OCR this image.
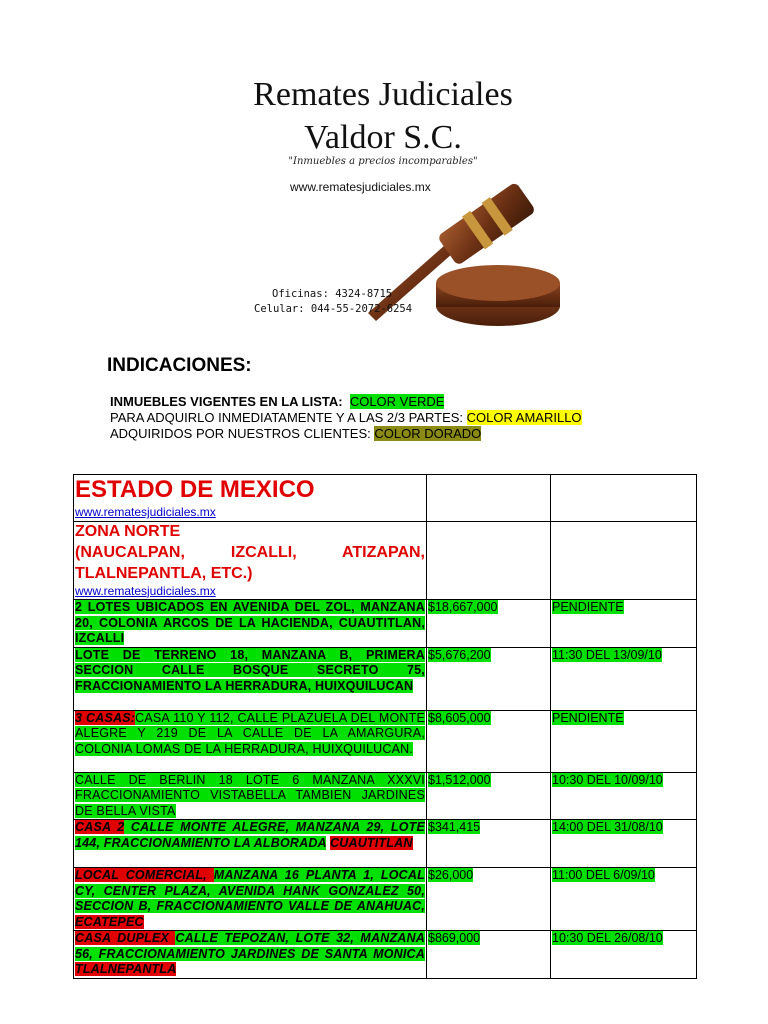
Remates Judiciales
Valdor S.C.
"Inmuebles a precios incomparables"
www.rematesjudiciales.mx
Oficinas: 4324-8715
Celular: 044-55-2072-6254
INDICACIONES:
INMUEBLES VIGENTES EN LA LISTA: COLOR VERDE
PARA ADQUIRLO INMEDIATAMENTE Y A LAS 2/3 PARTES: COLOR AMARILLO
ADQUIRIDOS POR NUESTROS CLIENTES: COLOR DORADO
ESTADO DE MEXICO
www.rematesjudiciales.mx		

ZONA NORTE
(NAUCALPAN, IZCALLI, ATIZAPAN, TLALNEPANTLA, ETC.)
www.rematesjudiciales.mx		

2 LOTES UBICADOS EN AVENIDA DEL ZOL, MANZANA 20, COLONIA ARCOS DE LA HACIENDA, CUAUTITLAN, IZCALLI	$18,667,000	PENDIENTE
LOTE DE TERRENO 18, MANZANA B, PRIMERA SECCION CALLE BOSQUE SECRETO 75, FRACCIONAMIENTO LA HERRADURA, HUIXQUILUCAN	$5,676,200	11:30 DEL 13/09/10
3 CASAS:CASA 110 Y 112, CALLE PLAZUELA DEL MONTE ALEGRE Y 219 DE LA CALLE DE LA AMARGURA, COLONIA LOMAS DE LA HERRADURA, HUIXQUILUCAN.	$8,605,000	PENDIENTE
CALLE DE BERLIN 18 LOTE 6 MANZANA XXXVI FRACCIONAMIENTO VISTABELLA TAMBIEN JARDINES DE BELLA VISTA	$1,512,000	10:30 DEL 10/09/10
CASA 2 CALLE MONTE ALEGRE, MANZANA 29, LOTE 144, FRACCIONAMIENTO LA ALBORADA CUAUTITLAN	$341,415	14:00 DEL 31/08/10
LOCAL COMERCIAL, MANZANA 16 PLANTA 1, LOCAL CY, CENTER PLAZA, AVENIDA HANK GONZALEZ 50, SECCION B, FRACCIONAMIENTO VALLE DE ANAHUAC, ECATEPEC	$26,000	11:00 DEL 6/09/10
CASA DUPLEX CALLE TEPOZAN, LOTE 32, MANZANA 56, FRACCIONAMIENTO JARDINES DE SANTA MONICA TLALNEPANTLA	$869,000	10:30 DEL 26/08/10
